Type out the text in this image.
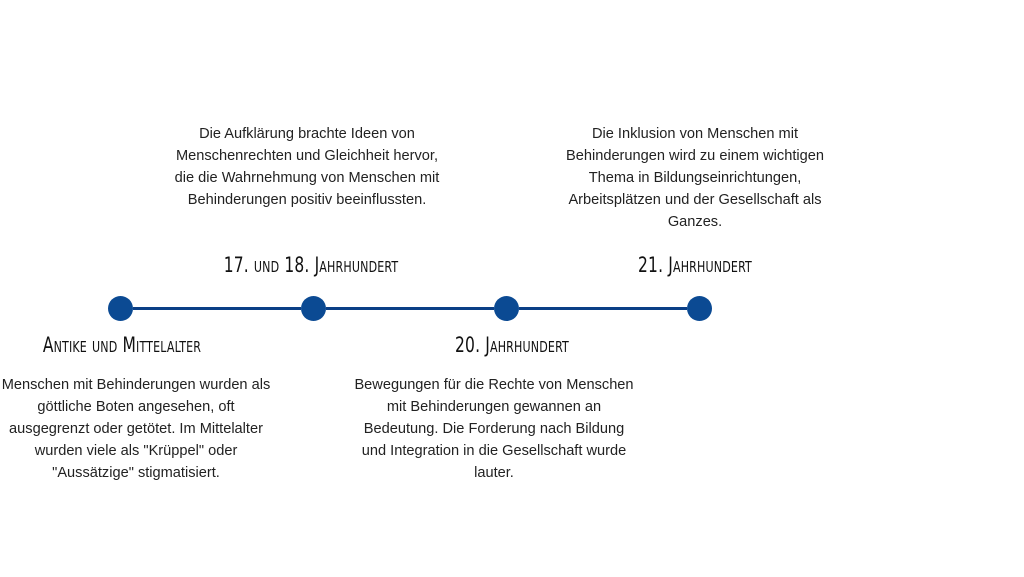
Antike und Mittelalter
Menschen mit Behinderungen wurden als göttliche Boten angesehen, oft ausgegrenzt oder getötet. Im Mittelalter wurden viele als "Krüppel" oder "Aussätzige" stigmatisiert.
Die Aufklärung brachte Ideen von Menschenrechten und Gleichheit hervor, die die Wahrnehmung von Menschen mit Behinderungen positiv beeinflussten.
17. und 18. Jahrhundert
20. Jahrhundert
Bewegungen für die Rechte von Menschen mit Behinderungen gewannen an Bedeutung. Die Forderung nach Bildung und Integration in die Gesellschaft wurde lauter.
Die Inklusion von Menschen mit Behinderungen wird zu einem wichtigen Thema in Bildungseinrichtungen, Arbeitsplätzen und der Gesellschaft als Ganzes.
21. Jahrhundert
